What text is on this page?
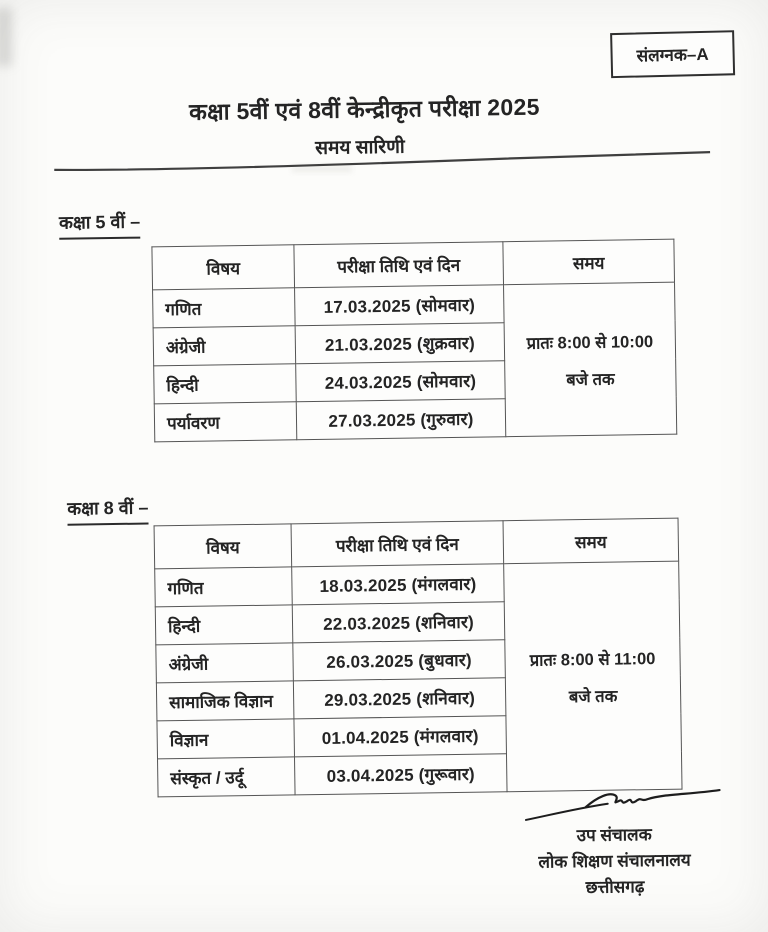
संलग्नक–A
कक्षा 5वीं एवं 8वीं केन्द्रीकृत परीक्षा 2025
समय सारिणी
कक्षा 5 वीं –
विषय	परीक्षा तिथि एवं दिन	समय
गणित	17.03.2025 (सोमवार)	प्रातः 8:00 से 10:00
बजे तक

अंग्रेजी	21.03.2025 (शुक्रवार)	
हिन्दी	24.03.2025 (सोमवार)	
पर्यावरण	27.03.2025 (गुरुवार)	
कक्षा 8 वीं –
विषय	परीक्षा तिथि एवं दिन	समय
गणित	18.03.2025 (मंगलवार)	प्रातः 8:00 से 11:00
बजे तक

हिन्दी	22.03.2025 (शनिवार)	
अंग्रेजी	26.03.2025 (बुधवार)	
सामाजिक विज्ञान	29.03.2025 (शनिवार)	
विज्ञान	01.04.2025 (मंगलवार)	
संस्कृत / उर्दू	03.04.2025 (गुरूवार)	
उप संचालक
लोक शिक्षण संचालनालय
छत्तीसगढ़
